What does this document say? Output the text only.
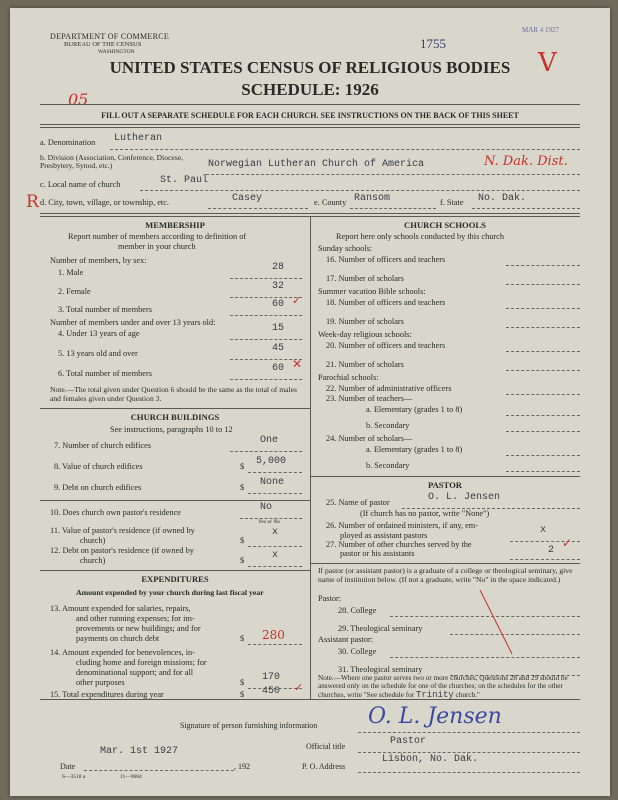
DEPARTMENT OF COMMERCE
BUREAU OF THE CENSUS
WASHINGTON
1755
MAR 4 1927
V
UNITED STATES CENSUS OF RELIGIOUS BODIES
SCHEDULE: 1926
05
FILL OUT A SEPARATE SCHEDULE FOR EACH CHURCH. SEE INSTRUCTIONS ON THE BACK OF THIS SHEET
a. Denomination Lutheran
b. Division (Association, Conference, Diocese, Presbytery, Synod, etc.)	Norwegian Lutheran Church of America	N. Dak. Dist.
c. Local name of church	St. Paul
R d. City, town, village, or township, etc.	Casey	e. County Ransom	f. State No. Dak.
MEMBERSHIP
Report number of members according to definition of
member in your church
Number of members, by sex:
1. Male	28
2. Female	32
3. Total number of members	60 ✓
Number of members under and over 13 years old:
4. Under 13 years of age	15
5. 13 years old and over	45
6. Total number of members	60 ✕
Note.—The total given under Question 6 should be the same as the total of males and females given under Question 3.
CHURCH BUILDINGS
See instructions, paragraphs 10 to 12
7. Number of church edifices	One
8. Value of church edifices	$ 5,000
9. Debt on church edifices	$ None
10. Does church own pastor's residence	No
Yes or No
11. Value of pastor's residence (if owned by
church)	$
x
12. Debt on pastor's residence (if owned by
church)	$	x
EXPENDITURES
Amount expended by your church during last fiscal year
13. Amount expended for salaries, repairs,
and other running expenses; for im-
provements or new buildings; and for
payments on church debt	$ 280
14. Amount expended for benevolences, in-
cluding home and foreign missions; for
denominational support; and for all
other purposes	$ 170
15. Total expenditures during year	$ 450 ✓
CHURCH SCHOOLS
Report here only schools conducted by this church
Sunday schools:
16. Number of officers and teachers
17. Number of scholars
Summer vacation Bible schools:
18. Number of officers and teachers
19. Number of scholars
Week-day religious schools:
20. Number of officers and teachers
21. Number of scholars
Parochial schools:
22. Number of administrative officers
23. Number of teachers—
a. Elementary (grades 1 to 8)
b. Secondary
24. Number of scholars—
a. Elementary (grades 1 to 8)
b. Secondary
PASTOR
25. Name of pastor	O. L. Jensen
(If church has no pastor, write "None")
26. Number of ordained ministers, if any, em-
ployed as assistant pastors	x
27. Number of other churches served by the
pastor or his assistants	2
✓
If pastor (or assistant pastor) is a graduate of a college or theological seminary, give name of institution below. (If not a graduate, write "No" in the space indicated.)
Pastor:
28. College
29. Theological seminary
Assistant pastor:
30. College
31. Theological seminary
Note.—Where one pastor serves two or more churches, Questions 28 and 29 should be answered only on the schedule for one of the churches; on the schedules for the other churches, write "See schedule for Trinity church."
Signature of person furnishing information O. L. Jensen
Official title	Pastor
Mar. 1st 1927
Date	, 192	P. O. Address
Lisbon, No. Dak.
S—3518 a	11—9684
